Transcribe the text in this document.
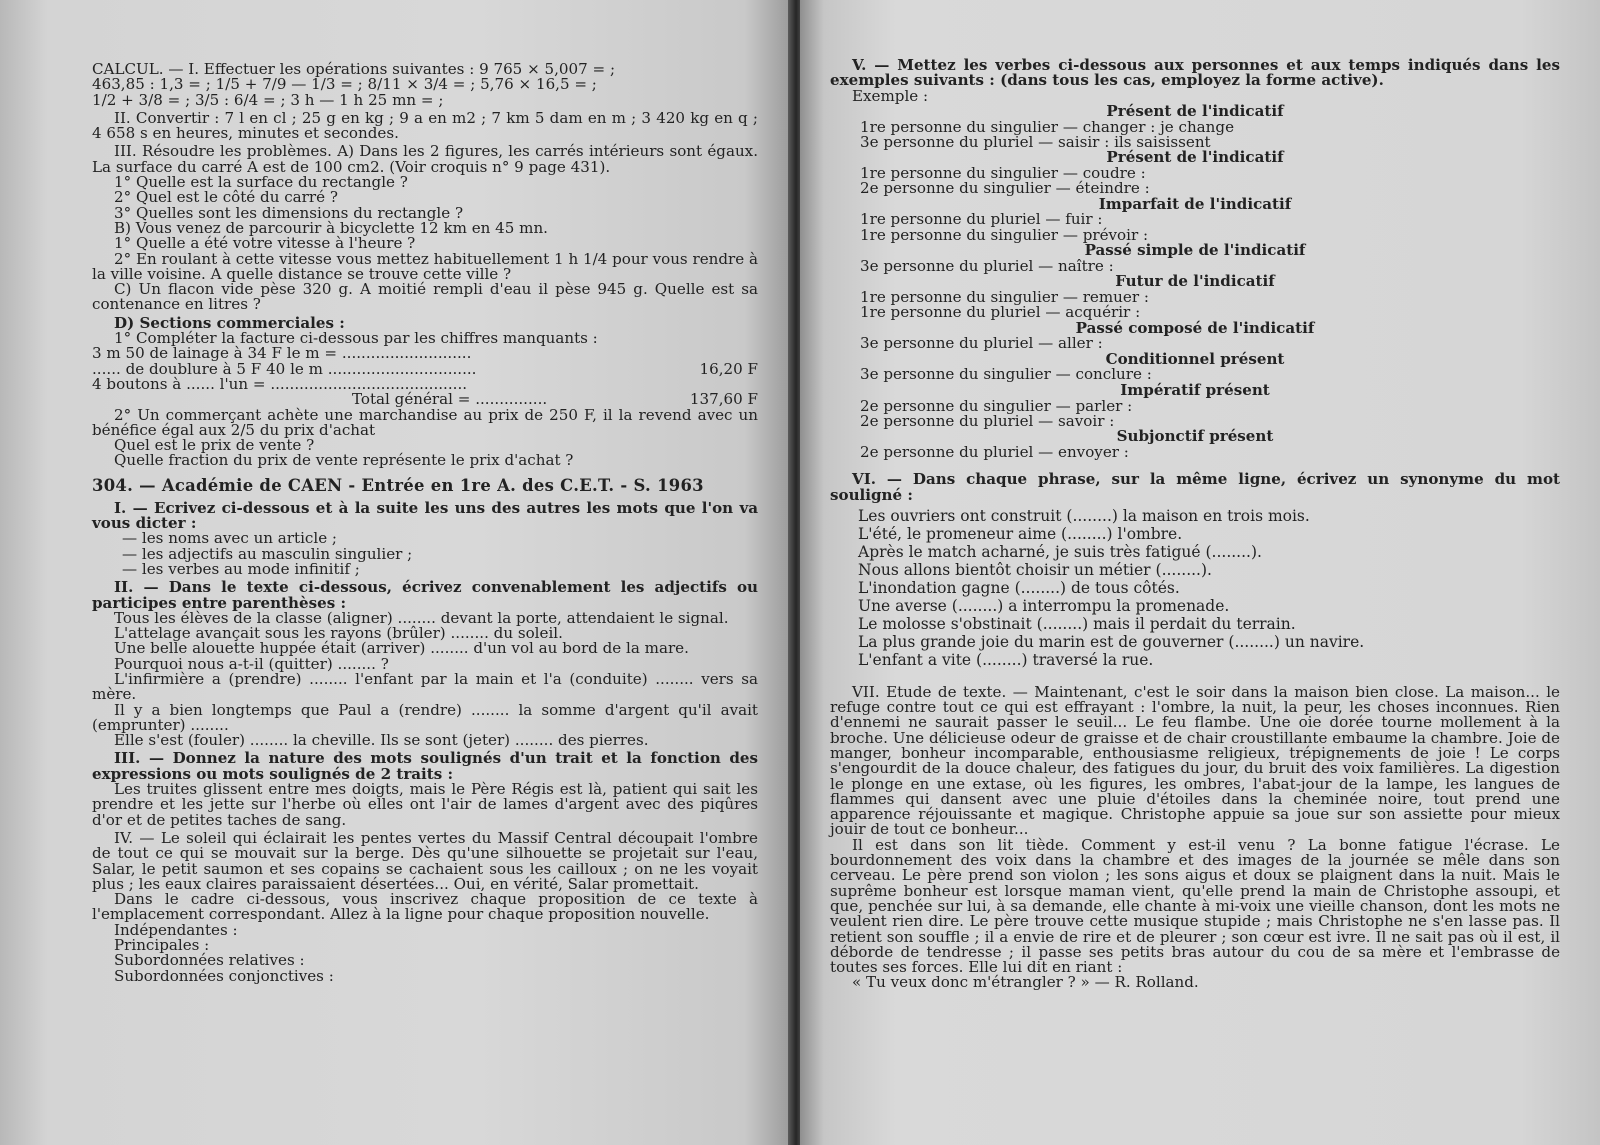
CALCUL. — I. Effectuer les opérations suivantes : 9 765 × 5,007 = ;

463,85 : 1,3 = ; 1/5 + 7/9 — 1/3 = ; 8/11 × 3/4 = ; 5,76 × 16,5 = ;

1/2 + 3/8 = ; 3/5 : 6/4 = ; 3 h — 1 h 25 mn = ;

II. Convertir : 7 l en cl ; 25 g en kg ; 9 a en m2 ; 7 km 5 dam en m ; 3 420 kg en q ; 4 658 s en heures, minutes et secondes.

III. Résoudre les problèmes. A) Dans les 2 figures, les carrés intérieurs sont égaux. La surface du carré A est de 100 cm2. (Voir croquis n° 9 page 431).

1° Quelle est la surface du rectangle ?

2° Quel est le côté du carré ?

3° Quelles sont les dimensions du rectangle ?

B) Vous venez de parcourir à bicyclette 12 km en 45 mn.

1° Quelle a été votre vitesse à l'heure ?

2° En roulant à cette vitesse vous mettez habituellement 1 h 1/4 pour vous rendre à la ville voisine. A quelle distance se trouve cette ville ?

C) Un flacon vide pèse 320 g. A moitié rempli d'eau il pèse 945 g. Quelle est sa contenance en litres ?

D) Sections commerciales :

1° Compléter la facture ci-dessous par les chiffres manquants :

3 m 50 de lainage à 34 F le m = ...........................
...... de doublure à 5 F 40 le m ...............................	16,20 F
4 boutons à ...... l'un = .........................................
Total général = ...............	137,60 F

2° Un commerçant achète une marchandise au prix de 250 F, il la revend avec un bénéfice égal aux 2/5 du prix d'achat

Quel est le prix de vente ?

Quelle fraction du prix de vente représente le prix d'achat ?

304. — Académie de CAEN - Entrée en 1re A. des C.E.T. - S. 1963

I. — Ecrivez ci-dessous et à la suite les uns des autres les mots que l'on va vous dicter :

— les noms avec un article ;

— les adjectifs au masculin singulier ;

— les verbes au mode infinitif ;

II. — Dans le texte ci-dessous, écrivez convenablement les adjectifs ou participes entre parenthèses :

Tous les élèves de la classe (aligner) ........ devant la porte, attendaient le signal.

L'attelage avançait sous les rayons (brûler) ........ du soleil.

Une belle alouette huppée était (arriver) ........ d'un vol au bord de la mare.

Pourquoi nous a-t-il (quitter) ........ ?

L'infirmière a (prendre) ........ l'enfant par la main et l'a (conduite) ........ vers sa mère.

Il y a bien longtemps que Paul a (rendre) ........ la somme d'argent qu'il avait (emprunter) ........

Elle s'est (fouler) ........ la cheville. Ils se sont (jeter) ........ des pierres.

III. — Donnez la nature des mots soulignés d'un trait et la fonction des expressions ou mots soulignés de 2 traits :

Les truites glissent entre mes doigts, mais le Père Régis est là, patient qui sait les prendre et les jette sur l'herbe où elles ont l'air de lames d'argent avec des piqûres d'or et de petites taches de sang.

IV. — Le soleil qui éclairait les pentes vertes du Massif Central découpait l'ombre de tout ce qui se mouvait sur la berge. Dès qu'une silhouette se projetait sur l'eau, Salar, le petit saumon et ses copains se cachaient sous les cailloux ; on ne les voyait plus ; les eaux claires paraissaient désertées... Oui, en vérité, Salar promettait.

Dans le cadre ci-dessous, vous inscrivez chaque proposition de ce texte à l'emplacement correspondant. Allez à la ligne pour chaque proposition nouvelle.

Indépendantes :

Principales :

Subordonnées relatives :

Subordonnées conjonctives :

V. — Mettez les verbes ci-dessous aux personnes et aux temps indiqués dans les exemples suivants : (dans tous les cas, employez la forme active).

Exemple :

Présent de l'indicatif
1re personne du singulier — changer : je change
3e personne du pluriel — saisir : ils saisissent
Présent de l'indicatif
1re personne du singulier — coudre :
2e personne du singulier — éteindre :
Imparfait de l'indicatif
1re personne du pluriel — fuir :
1re personne du singulier — prévoir :
Passé simple de l'indicatif
3e personne du pluriel — naître :
Futur de l'indicatif
1re personne du singulier — remuer :
1re personne du pluriel — acquérir :
Passé composé de l'indicatif
3e personne du pluriel — aller :
Conditionnel présent
3e personne du singulier — conclure :
Impératif présent
2e personne du singulier — parler :
2e personne du pluriel — savoir :
Subjonctif présent
2e personne du pluriel — envoyer :

VI. — Dans chaque phrase, sur la même ligne, écrivez un synonyme du mot souligné :

Les ouvriers ont construit (........) la maison en trois mois.
L'été, le promeneur aime (........) l'ombre.
Après le match acharné, je suis très fatigué (........).
Nous allons bientôt choisir un métier (........).
L'inondation gagne (........) de tous côtés.
Une averse (........) a interrompu la promenade.
Le molosse s'obstinait (........) mais il perdait du terrain.
La plus grande joie du marin est de gouverner (........) un navire.
L'enfant a vite (........) traversé la rue.

VII. Etude de texte. — Maintenant, c'est le soir dans la maison bien close. La maison... le refuge contre tout ce qui est effrayant : l'ombre, la nuit, la peur, les choses inconnues. Rien d'ennemi ne saurait passer le seuil... Le feu flambe. Une oie dorée tourne mollement à la broche. Une délicieuse odeur de graisse et de chair croustillante embaume la chambre. Joie de manger, bonheur incomparable, enthousiasme religieux, trépignements de joie ! Le corps s'engourdit de la douce chaleur, des fatigues du jour, du bruit des voix familières. La digestion le plonge en une extase, où les figures, les ombres, l'abat-jour de la lampe, les langues de flammes qui dansent avec une pluie d'étoiles dans la cheminée noire, tout prend une apparence réjouissante et magique. Christophe appuie sa joue sur son assiette pour mieux jouir de tout ce bonheur...

Il est dans son lit tiède. Comment y est-il venu ? La bonne fatigue l'écrase. Le bourdonnement des voix dans la chambre et des images de la journée se mêle dans son cerveau. Le père prend son violon ; les sons aigus et doux se plaignent dans la nuit. Mais le suprême bonheur est lorsque maman vient, qu'elle prend la main de Christophe assoupi, et que, penchée sur lui, à sa demande, elle chante à mi-voix une vieille chanson, dont les mots ne veulent rien dire. Le père trouve cette musique stupide ; mais Christophe ne s'en lasse pas. Il retient son souffle ; il a envie de rire et de pleurer ; son cœur est ivre. Il ne sait pas où il est, il déborde de tendresse ; il passe ses petits bras autour du cou de sa mère et l'embrasse de toutes ses forces. Elle lui dit en riant :

« Tu veux donc m'étrangler ? » — R. Rolland.
